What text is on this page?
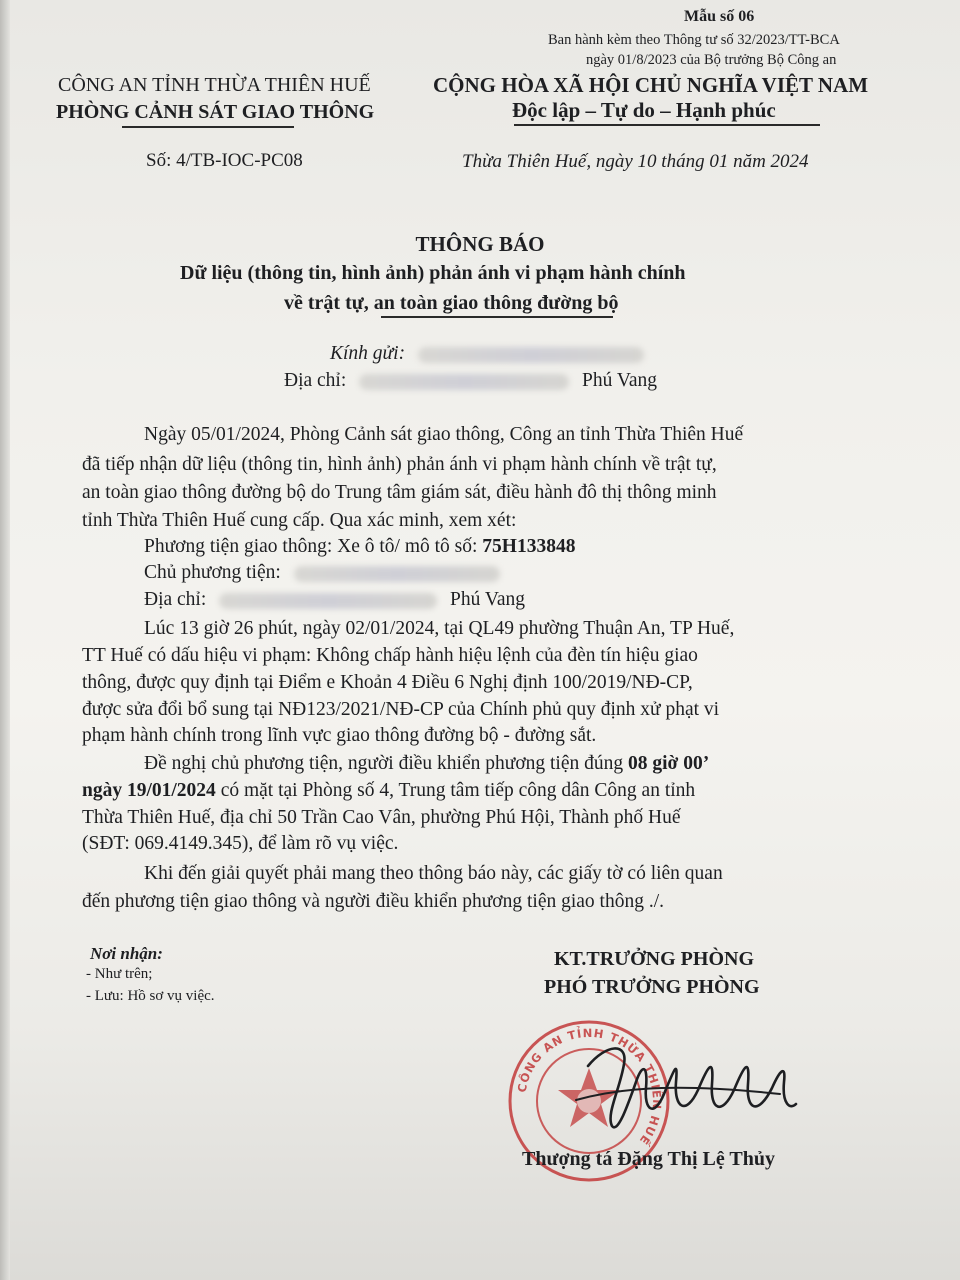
Mẫu số 06
Ban hành kèm theo Thông tư số 32/2023/TT-BCA
ngày 01/8/2023 của Bộ trưởng Bộ Công an
CÔNG AN TỈNH THỪA THIÊN HUẾ
PHÒNG CẢNH SÁT GIAO THÔNG
Số: 4/TB-IOC-PC08
CỘNG HÒA XÃ HỘI CHỦ NGHĨA VIỆT NAM
Độc lập – Tự do – Hạnh phúc
Thừa Thiên Huế, ngày 10 tháng 01 năm 2024
THÔNG BÁO
Dữ liệu (thông tin, hình ảnh) phản ánh vi phạm hành chính
về trật tự, an toàn giao thông đường bộ
Kính gửi:
Địa chỉ:	Phú Vang
Ngày 05/01/2024, Phòng Cảnh sát giao thông, Công an tỉnh Thừa Thiên Huế
đã tiếp nhận dữ liệu (thông tin, hình ảnh) phản ánh vi phạm hành chính về trật tự,
an toàn giao thông đường bộ do Trung tâm giám sát, điều hành đô thị thông minh
tỉnh Thừa Thiên Huế cung cấp. Qua xác minh, xem xét:
Phương tiện giao thông: Xe ô tô/ mô tô số: 75H133848
Chủ phương tiện:
Địa chỉ:	Phú Vang
Lúc 13 giờ 26 phút, ngày 02/01/2024, tại QL49 phường Thuận An, TP Huế,
TT Huế có dấu hiệu vi phạm: Không chấp hành hiệu lệnh của đèn tín hiệu giao
thông, được quy định tại Điểm e Khoản 4 Điều 6 Nghị định 100/2019/NĐ-CP,
được sửa đổi bổ sung tại NĐ123/2021/NĐ-CP của Chính phủ quy định xử phạt vi
phạm hành chính trong lĩnh vực giao thông đường bộ - đường sắt.
Đề nghị chủ phương tiện, người điều khiển phương tiện đúng 08 giờ 00’
ngày 19/01/2024 có mặt tại Phòng số 4, Trung tâm tiếp công dân Công an tỉnh
Thừa Thiên Huế, địa chỉ 50 Trần Cao Vân, phường Phú Hội, Thành phố Huế
(SĐT: 069.4149.345), để làm rõ vụ việc.
Khi đến giải quyết phải mang theo thông báo này, các giấy tờ có liên quan
đến phương tiện giao thông và người điều khiển phương tiện giao thông ./.
Nơi nhận:
- Như trên;
- Lưu: Hồ sơ vụ việc.
KT.TRƯỞNG PHÒNG
PHÓ TRƯỞNG PHÒNG
CÔNG AN TỈNH THỪA THIÊN HUẾ
Thượng tá Đặng Thị Lệ Thủy
